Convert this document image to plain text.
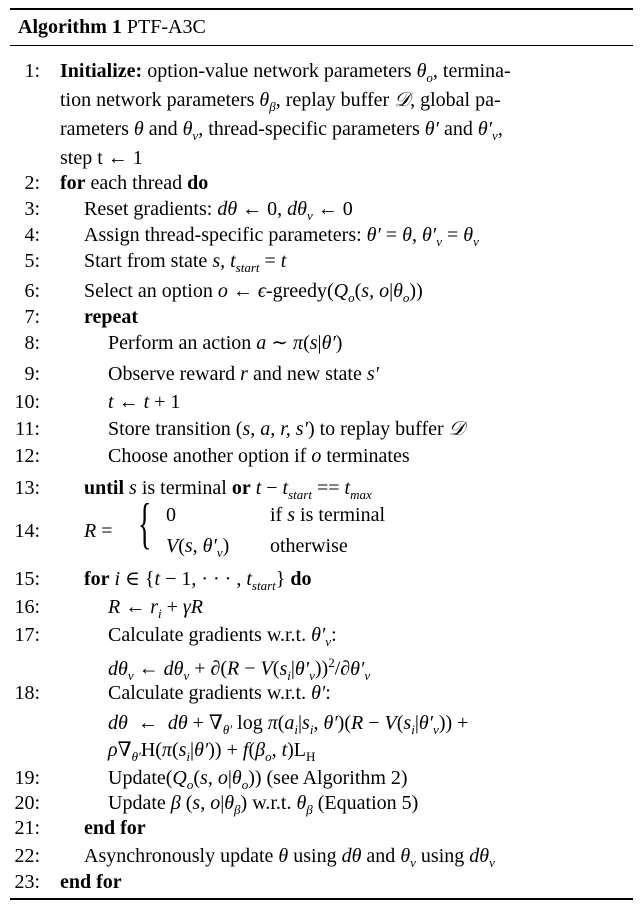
Algorithm 1 PTF-A3C
1: Initialize: option-value network parameters $\theta_o$, termina-
tion network parameters $\theta_\beta$, replay buffer 𝒟, global pa-
rameters θ and $\theta_v$, thread-specific parameters θ′ and $\theta'_v$,
step t ← 1
2: for each thread do
3: Reset gradients: dθ ← 0, $d\theta_v$ ← 0
4: Assign thread-specific parameters: θ′ = θ, $\theta'_v = \theta_v$
5: Start from state s, $t_{start} = t$
6: Select an option o ← $\epsilon-greedy(Q_o(s$, $o|\theta_o$))
7: repeat
8:	Perform an action a ∼ π(s|θ′)
9:	Observe reward r and new state s′
10:	t ← t + 1
11:	Store transition (s, a, r, s′) to replay buffer 𝒟
12:	Choose another option if o terminates
13: until s is terminal or $t - t_{start} == t_{max}$
14: R = { 0	if s is terminal
V(s, $\theta'_v$) otherwise
15: for i ∈ {t − 1, · · · , $t_{start}$} do
16:	R ← $r_i + \gamma R$
17:	Calculate gradients w.r.t. $\theta'_v$:
$d\theta_v$ ← $d\theta_v + \partial(R - V(s_i|\theta'_v))^2/\partial\theta'_v$
18:	Calculate gradients w.r.t. θ′:
dθ  ←  $d\theta + \nabla_{\theta'}$ $\log \pi(a_i|s_i$, $\theta')(R - V(s_i|\theta'_v))$ +
$\rho\nabla_{\theta'}H(\pi(s_i|\theta')) + f(\beta_o$, $t)L_H$
19:	$Update(Q_o(s$, $o|\theta_o$)) (see Algorithm 2)
20:	Update β (s, $o|\theta_\beta$) w.r.t. $\theta_\beta$ (Equation 5)
21: end for
22: Asynchronously update θ using dθ and $\theta_v$ using $d\theta_v$
23: end for
